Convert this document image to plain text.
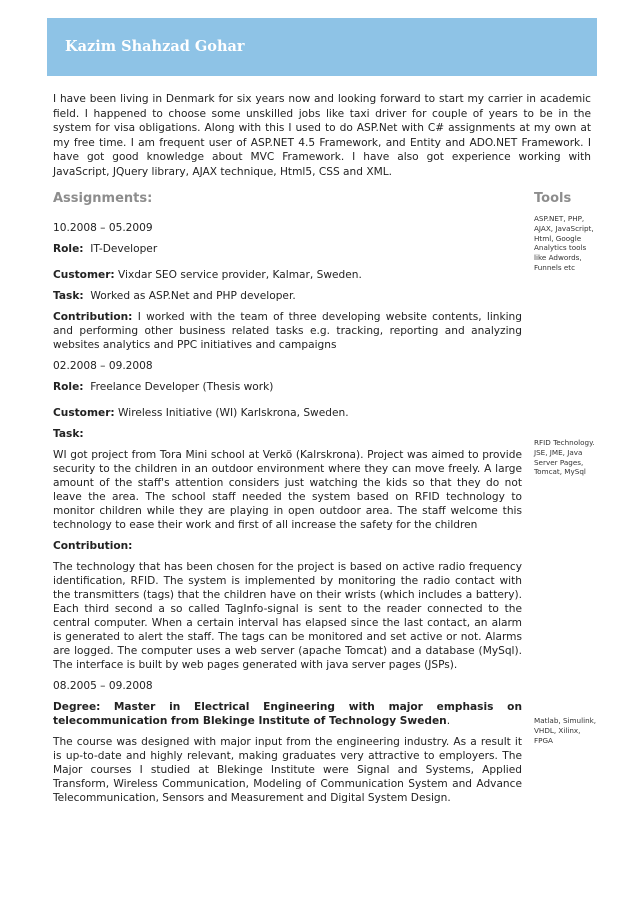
Kazim Shahzad Gohar

I have been living in Denmark for six years now and looking forward to start my carrier in academic field. I happened to choose some unskilled jobs like taxi driver for couple of years to be in the system for visa obligations. Along with this I used to do ASP.Net with C# assignments at my own at my free time. I am frequent user of ASP.NET 4.5 Framework, and Entity and ADO.NET Framework. I have got good knowledge about MVC Framework. I have also got experience working with JavaScript, JQuery library, AJAX technique, Html5, CSS and XML.

Assignments:	Tools

10.2008 – 05.2009

Role: IT-Developer

Customer: Vixdar SEO service provider, Kalmar, Sweden.

Task: Worked as ASP.Net and PHP developer.

Contribution: I worked with the team of three developing website contents, linking and performing other business related tasks e.g. tracking, reporting and analyzing websites analytics and PPC initiatives and campaigns

02.2008 – 09.2008

Role: Freelance Developer (Thesis work)

Customer: Wireless Initiative (WI) Karlskrona, Sweden.

Task:

WI got project from Tora Mini school at Verkö (Kalrskrona). Project was aimed to provide security to the children in an outdoor environment where they can move freely. A large amount of the staff's attention considers just watching the kids so that they do not leave the area. The school staff needed the system based on RFID technology to monitor children while they are playing in open outdoor area. The staff welcome this technology to ease their work and first of all increase the safety for the children

Contribution:

The technology that has been chosen for the project is based on active radio frequency identification, RFID. The system is implemented by monitoring the radio contact with the transmitters (tags) that the children have on their wrists (which includes a battery). Each third second a so called TagInfo-signal is sent to the reader connected to the central computer. When a certain interval has elapsed since the last contact, an alarm is generated to alert the staff. The tags can be monitored and set active or not. Alarms are logged. The computer uses a web server (apache Tomcat) and a database (MySql). The interface is built by web pages generated with java server pages (JSPs).

08.2005 – 09.2008

Degree: Master in Electrical Engineering with major emphasis on telecommunication from Blekinge Institute of Technology Sweden.

The course was designed with major input from the engineering industry. As a result it is up-to-date and highly relevant, making graduates very attractive to employers. The Major courses I studied at Blekinge Institute were Signal and Systems, Applied Transform, Wireless Communication, Modeling of Communication System and Advance Telecommunication, Sensors and Measurement and Digital System Design.

ASP.NET, PHP, AJAX, JavaScript, Html, Google Analytics tools like Adwords, Funnels etc
RFID Technology. JSE, JME, Java Server Pages, Tomcat, MySql
Matlab, Simulink, VHDL, Xilinx, FPGA
